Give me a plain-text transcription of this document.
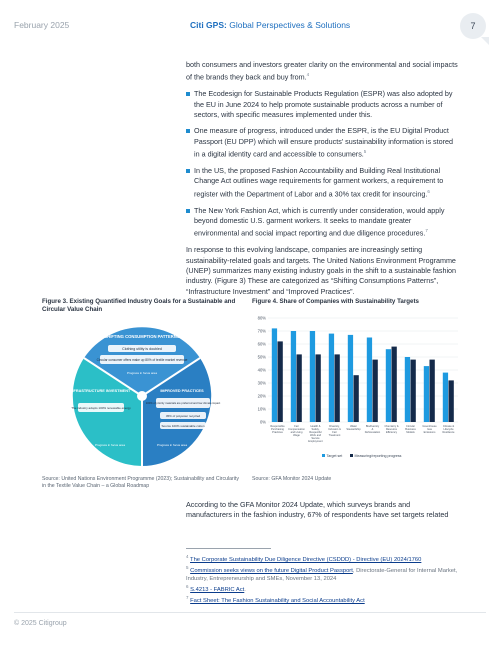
February 2025	Citi GPS: Global Perspectives & Solutions	7

both consumers and investors greater clarity on the environmental and social impacts of the brands they back and buy from.$^4$

The Ecodesign for Sustainable Products Regulation (ESPR) was also adopted by the EU in June 2024 to help promote sustainable products across a number of sectors, with specific measures implemented under this.

One measure of progress, introduced under the ESPR, is the EU Digital Product Passport (EU DPP) which will ensure products' sustainability information is stored in a digital identity card and accessible to consumers.$^5$

In the US, the proposed Fashion Accountability and Building Real Institutional Change Act outlines wage requirements for garment workers, a requirement to register with the Department of Labor and a 30% tax credit for insourcing.$^6$

The New York Fashion Act, which is currently under consideration, would apply beyond domestic U.S. garment workers. It seeks to mandate greater environmental and social impact reporting and due diligence procedures.$^7$

In response to this evolving landscape, companies are increasingly setting sustainability-related goals and targets. The United Nations Environment Programme (UNEP) summarizes many existing industry goals in the shift to a sustainable fashion industry. (Figure 3) These are categorized as “Shifting Consumptions Patterns”, “Infrastructure Investment” and “Improved Practices”.

Figure 3. Existing Quantified Industry Goals for a Sustainable and Circular Value Chain
SHIFTING CONSUMPTION PATTERNS
Clothing utility is doubled
Circular consumer offers make up 80% of textile market revenue
Progress in focus area
INFRASTRUCTURE INVESTMENT
The industry adopts 100% renewable energy
Progress in focus area
IMPROVED PRACTICES
100% of priority materials are preferred and low climate impact
45% of polyester recycled
Source 100% sustainable cotton
Progress in focus area
Source: United Nations Environment Programme (2023); Sustainability and Circularity in the Textile Value Chain – a Global Roadmap
Figure 4. Share of Companies with Sustainability Targets
0%
10%
20%
30%
40%
50%
60%
70%
80%
Responsible Purchasing Practices
Fair Compensation and Living Wage
Health & Safety, Respectful Work and Secure Employment
Diversity, Inclusion & Fair Treatment
Water Stewardship
Biodiversity & Deforestation
Chemistry & Resource Efficiency
Circular Business Models
Greenhouse Gas Emissions
Climate & Lifecycle Resilience
Target set	Measuring/reporting progress
Source: GFA Monitor 2024 Update

According to the GFA Monitor 2024 Update, which surveys brands and manufacturers in the fashion industry, 67% of respondents have set targets related

$^4$ The Corporate Sustainability Due Diligence Directive (CSDDD) - Directive (EU) 2024/1760
$^5$ Commission seeks views on the future Digital Product Passport, Directorate-General for Internal Market, Industry, Entrepreneurship and SMEs, November 13, 2024
$^6$ S.4213 - FABRIC Act.
$^7$ Fact Sheet: The Fashion Sustainability and Social Accountability Act
© 2025 Citigroup
